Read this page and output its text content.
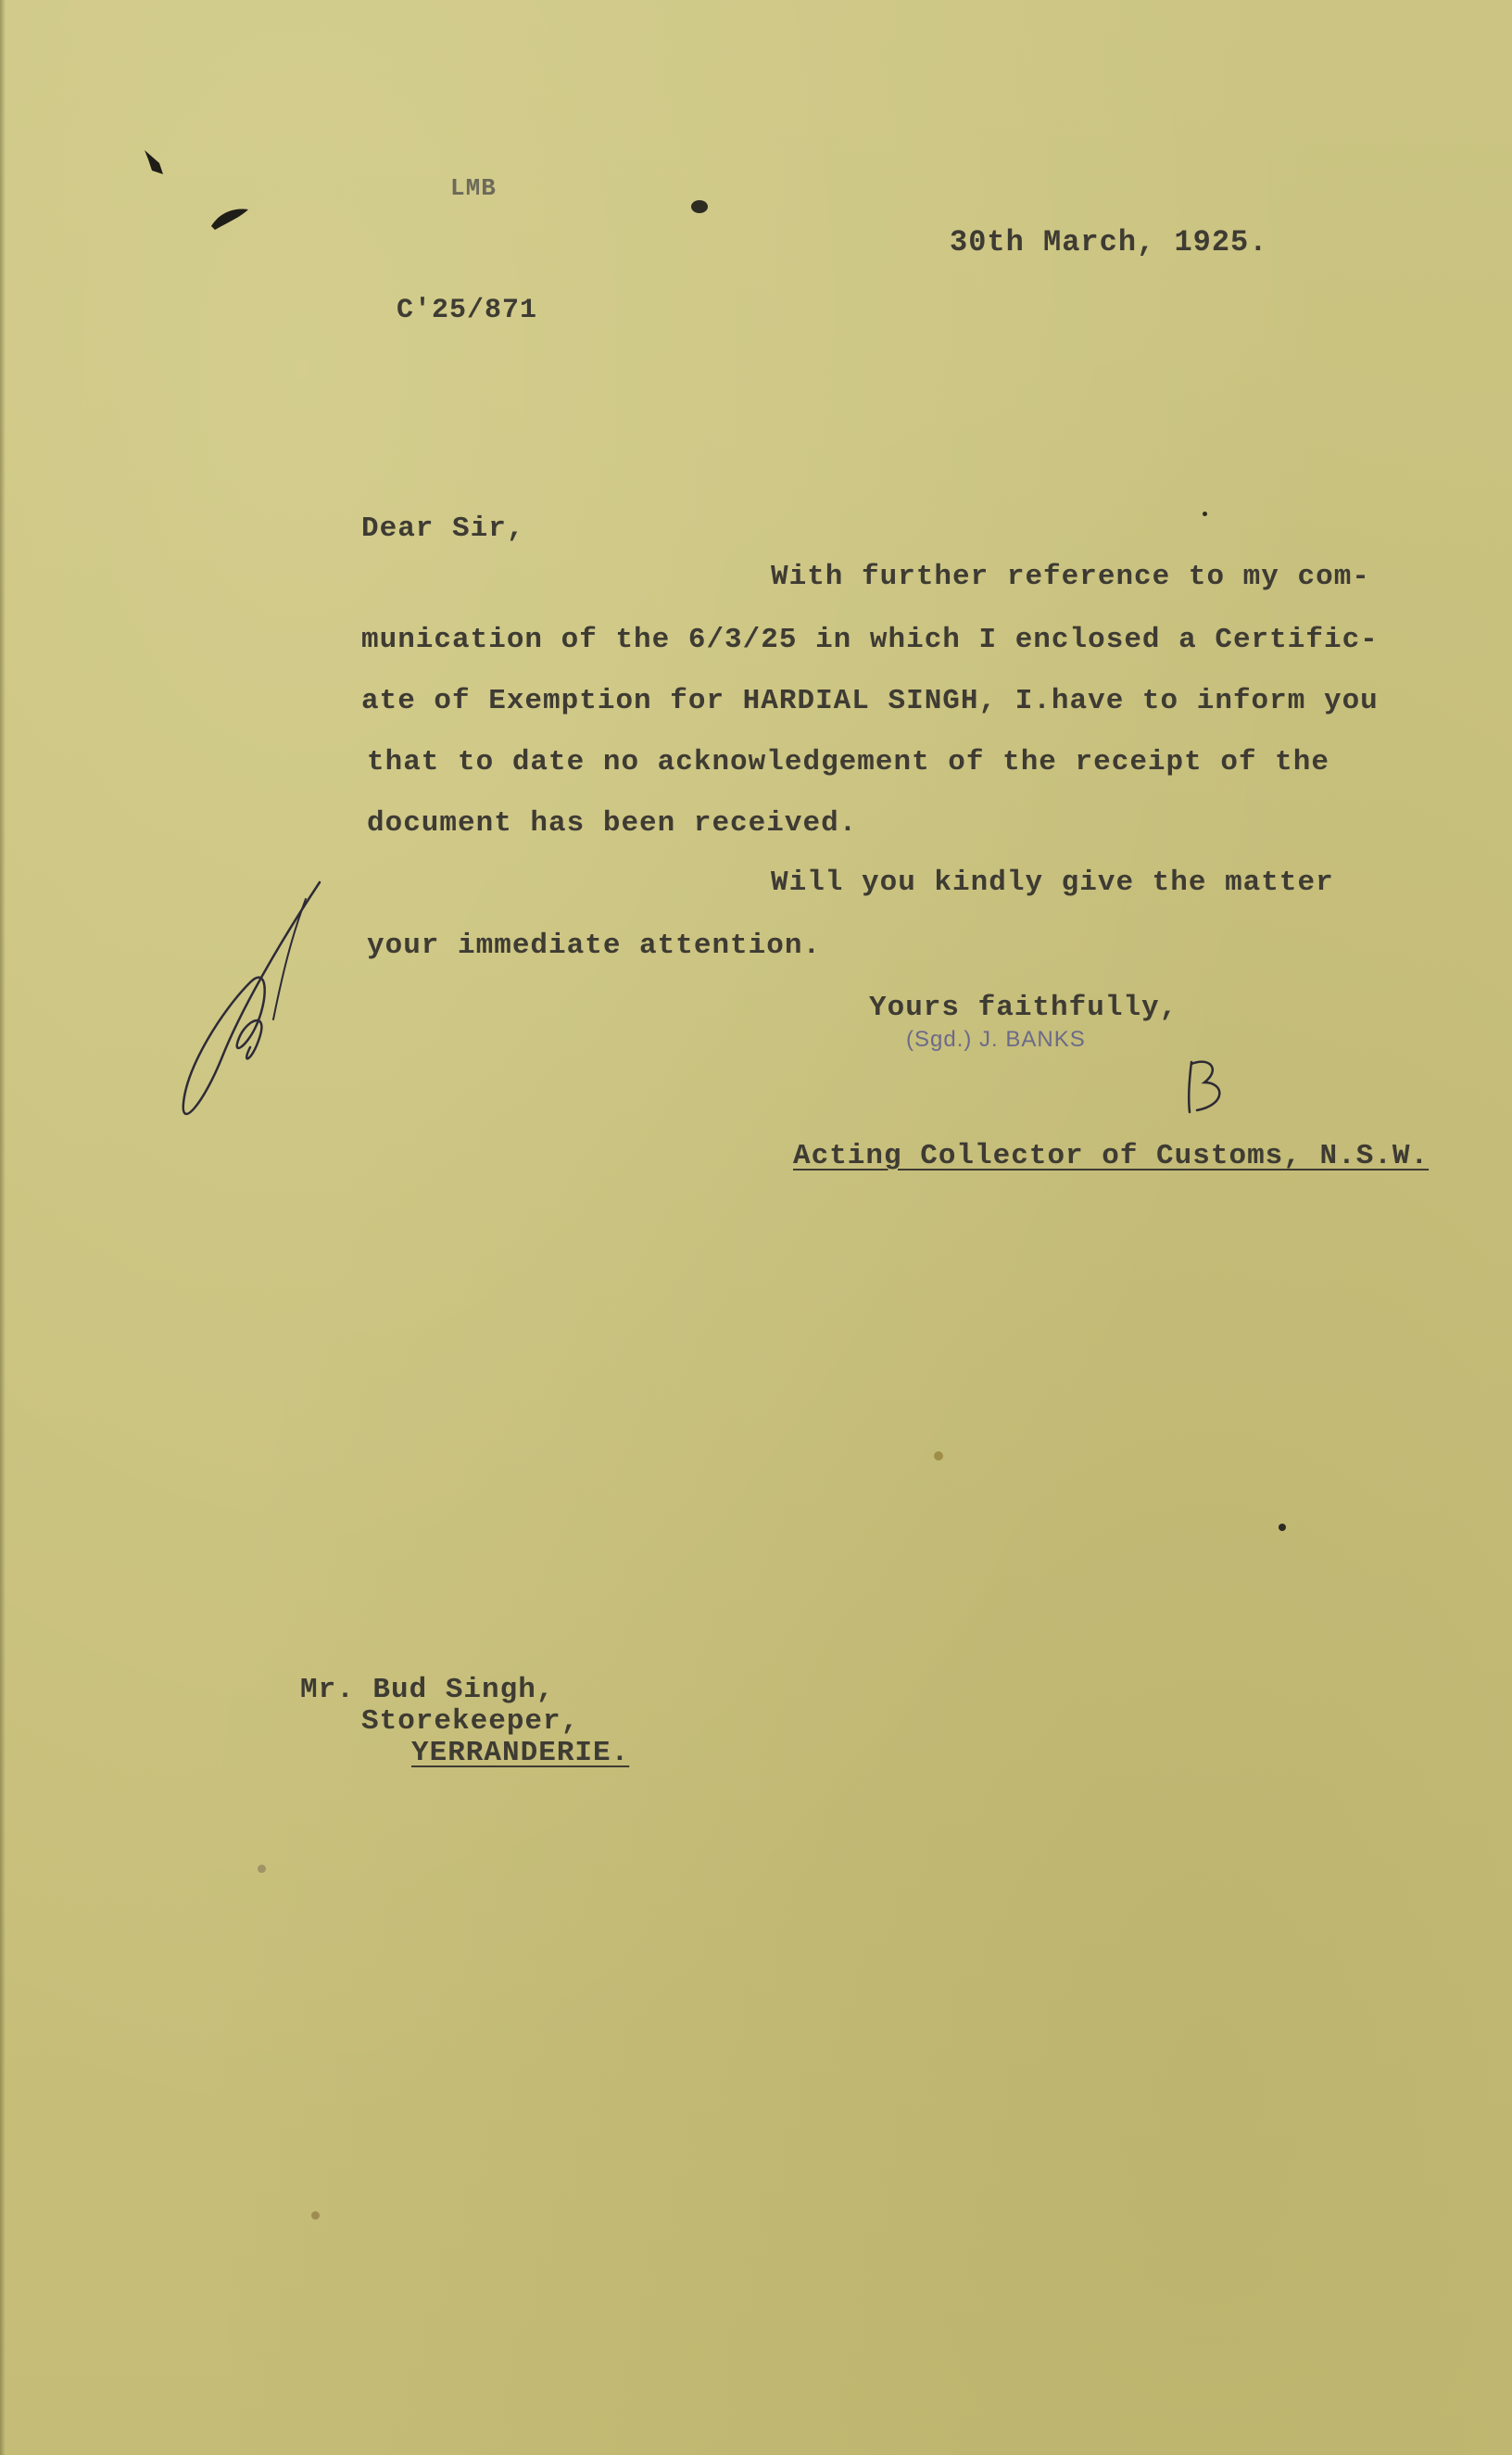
LMB
30th March, 1925.
C'25/871
Dear Sir,
With further reference to my com-
munication of the 6/3/25 in which I enclosed a Certific-
ate of Exemption for HARDIAL SINGH, I.have to inform you
that to date no acknowledgement of the receipt of the
document has been received.
Will you kindly give the matter
your immediate attention.
Yours faithfully,
(Sgd.) J. BANKS
Acting Collector of Customs, N.S.W.
Mr. Bud Singh,
Storekeeper,
YERRANDERIE.
